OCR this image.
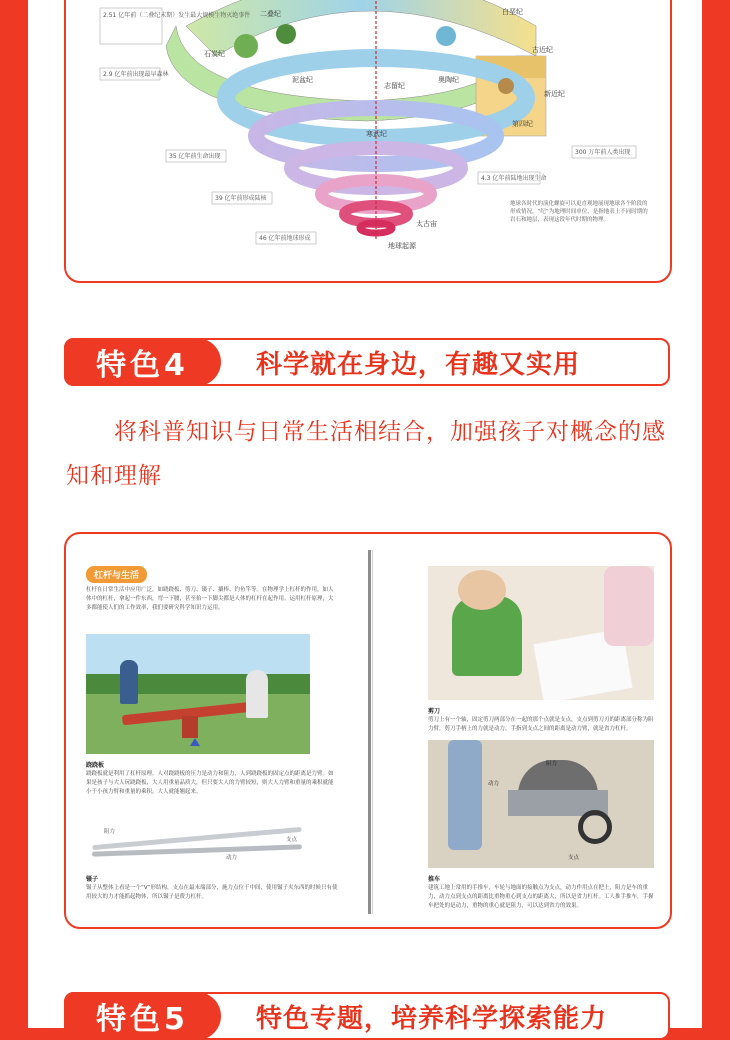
2.51 亿年前（二叠纪末期）发生最大规模生物灭绝事件
2.9 亿年前出现最早森林
35 亿年前生命出现
39 亿年前形成陆核
46 亿年前地球形成
4.3 亿年前陆地出现生命
300 万年前人类出现
二叠纪
石炭纪
泥盆纪
志留纪
奥陶纪
寒武纪
第四纪
新近纪
古近纪
白垩纪
太古宙
地球起源
地球各时代的演化螺旋可以更直观地展现地球各个阶段的形成情况，“纪”为地理时间单位，是指地表上不同时期的岩石和地层，表现这段年代时期的物理。
特色4	科学就在身边，有趣又实用
将科普知识与日常生活相结合，加强孩子对概念的感知和理解
杠杆与生活
杠杆在日常生活中应用广泛，如跷跷板、剪刀、镊子、撬棒、钓鱼竿等。在物理学上杠杆的作用，如人体中的杠杆，拿起一件东西，弯一下腰，甚至抬一下脚尖都是人体的杠杆在起作用。运用杠杆原理，大多都能使人们的工作效率，我们要研究科学知识力运用。
跷跷板
跷跷板就是利用了杠杆原理。人对跷跷板的压力是动力和阻力，人到跷跷板的固定点的距离是力臂。如果是孩子与大人玩跷跷板，大人用重量品质大，但只要大人的力臂较短，则大人力臂和重量的乘积就能小于小孩力臂和重量的乘积，大人就能翘起来。
阻力
动力
支点
镊子
镊子从整体上看是一个“V”形结构，支点在最末端部分，施力点位于中间，使用镊子夹东西的时候只有使用较大的力才能抓起物体，所以镊子是费力杠杆。
剪刀
剪刀上有一个轴，固定剪刀两部分在一起的那个点就是支点，支点到剪刀刃的距离部分称为阻力臂，剪刀手柄上的力就是动力，手指到支点之间的距离是动力臂，就是省力杠杆。
阻力
支点
动力
推车
建筑工地上常用的手推车，车轮与地面的接触点为支点，动力作用点在把上，阻力是车的重力，动力点到支点的距离比重物重心到支点的距离大，所以是省力杠杆。工人推手推车，手握车把处的是动力，重物的重心就是阻力，可以达到省力的效果。
特色5	特色专题，培养科学探索能力
